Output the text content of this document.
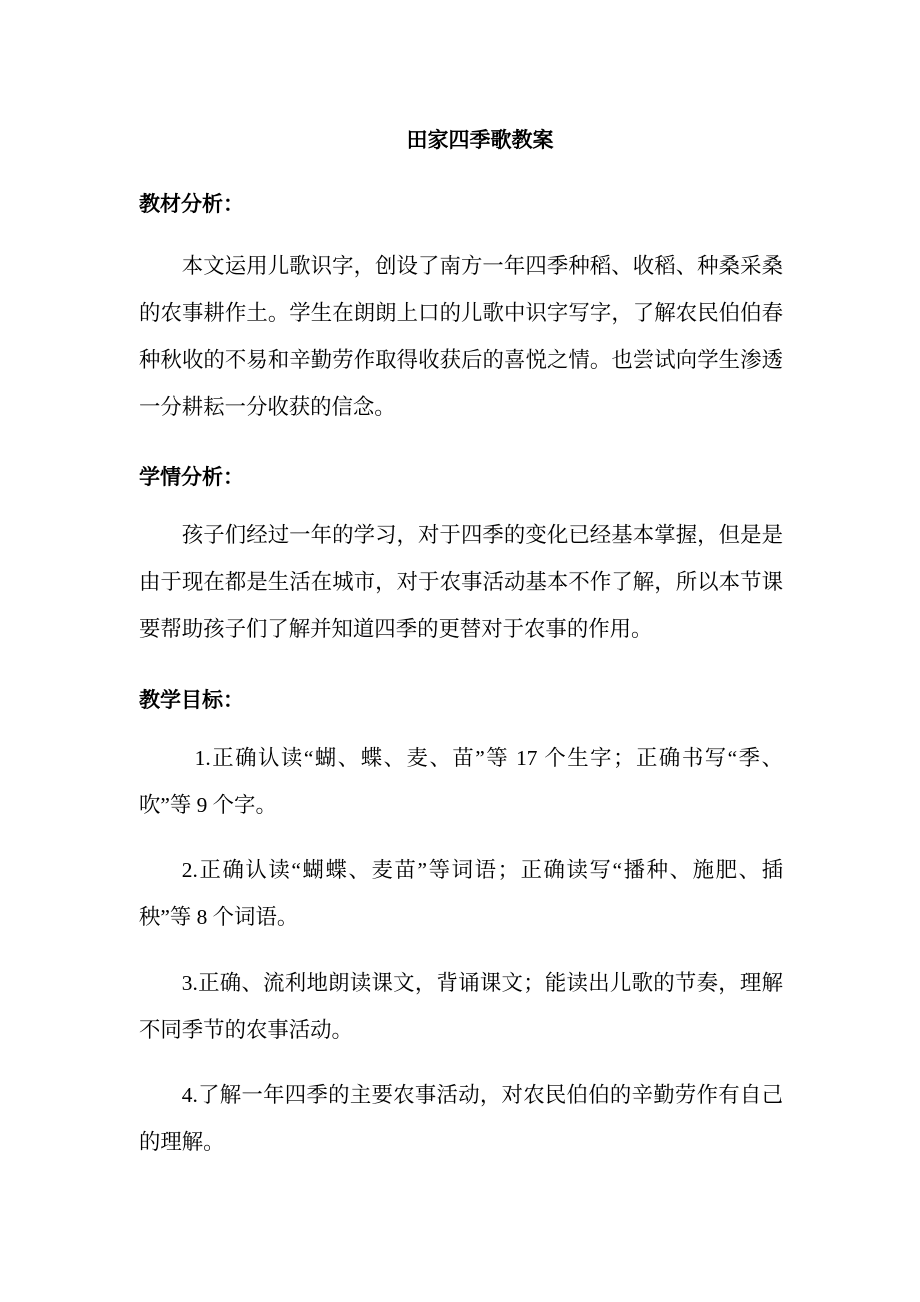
田家四季歌教案
教材分析：
本文运用儿歌识字，创设了南方一年四季种稻、收稻、种桑采桑的农事耕作土。学生在朗朗上口的儿歌中识字写字，了解农民伯伯春种秋收的不易和辛勤劳作取得收获后的喜悦之情。也尝试向学生渗透一分耕耘一分收获的信念。
学情分析：
孩子们经过一年的学习，对于四季的变化已经基本掌握，但是是由于现在都是生活在城市，对于农事活动基本不作了解，所以本节课要帮助孩子们了解并知道四季的更替对于农事的作用。
教学目标：
1.正确认读“蝴、蝶、麦、苗”等 17 个生字；正确书写“季、吹”等 9 个字。
2.正确认读“蝴蝶、麦苗”等词语；正确读写“播种、施肥、插秧”等 8 个词语。
3.正确、流利地朗读课文，背诵课文；能读出儿歌的节奏，理解不同季节的农事活动。
4.了解一年四季的主要农事活动，对农民伯伯的辛勤劳作有自己的理解。
